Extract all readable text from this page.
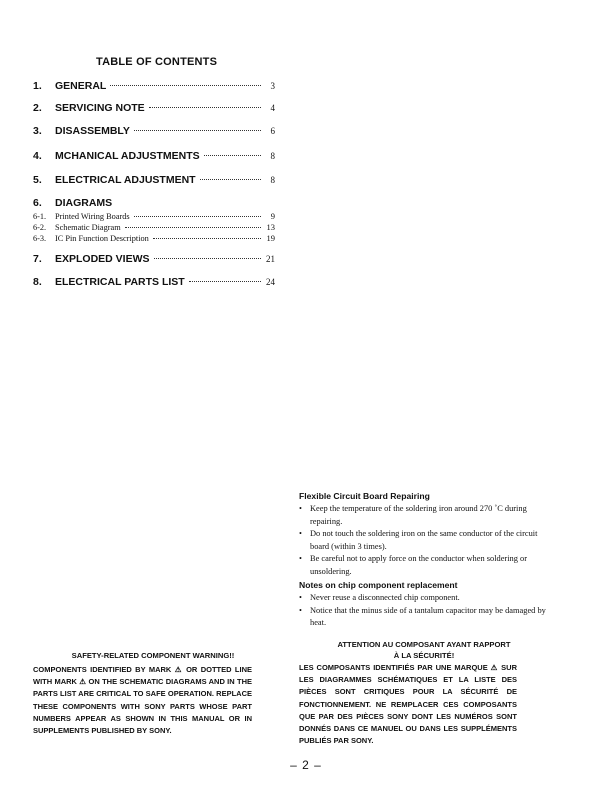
TABLE OF CONTENTS
1.	GENERAL	3
2.	SERVICING NOTE	4
3.	DISASSEMBLY	6
4.	MCHANICAL ADJUSTMENTS	8
5.	ELECTRICAL ADJUSTMENT	8
6.	DIAGRAMS
6-1.	Printed Wiring Boards	9
6-2.	Schematic Diagram	13
6-3.	IC Pin Function Description	19
7.	EXPLODED VIEWS	21
8.	ELECTRICAL PARTS LIST	24
Flexible Circuit Board Repairing
• Keep the temperature of the soldering iron around 270 ˚C during repairing.
• Do not touch the soldering iron on the same conductor of the circuit board (within 3 times).
• Be careful not to apply force on the conductor when soldering or unsoldering.
Notes on chip component replacement
• Never reuse a disconnected chip component.
• Notice that the minus side of a tantalum capacitor may be damaged by heat.
SAFETY-RELATED COMPONENT WARNING!!
COMPONENTS IDENTIFIED BY MARK ⚠ OR DOTTED LINE WITH MARK ⚠ ON THE SCHEMATIC DIAGRAMS AND IN THE PARTS LIST ARE CRITICAL TO SAFE OPERATION. REPLACE THESE COMPONENTS WITH SONY PARTS WHOSE PART NUMBERS APPEAR AS SHOWN IN THIS MANUAL OR IN SUPPLEMENTS PUBLISHED BY SONY.
ATTENTION AU COMPOSANT AYANT RAPPORT
À LA SÉCURITÉ!
LES COMPOSANTS IDENTIFIÉS PAR UNE MARQUE ⚠ SUR LES DIAGRAMMES SCHÉMATIQUES ET LA LISTE DES PIÈCES SONT CRITIQUES POUR LA SÉCURITÉ DE FONCTIONNEMENT. NE REMPLACER CES COMPOSANTS QUE PAR DES PIÈCES SONY DONT LES NUMÉROS SONT DONNÉS DANS CE MANUEL OU DANS LES SUPPLÉMENTS PUBLIÉS PAR SONY.
– 2 –
